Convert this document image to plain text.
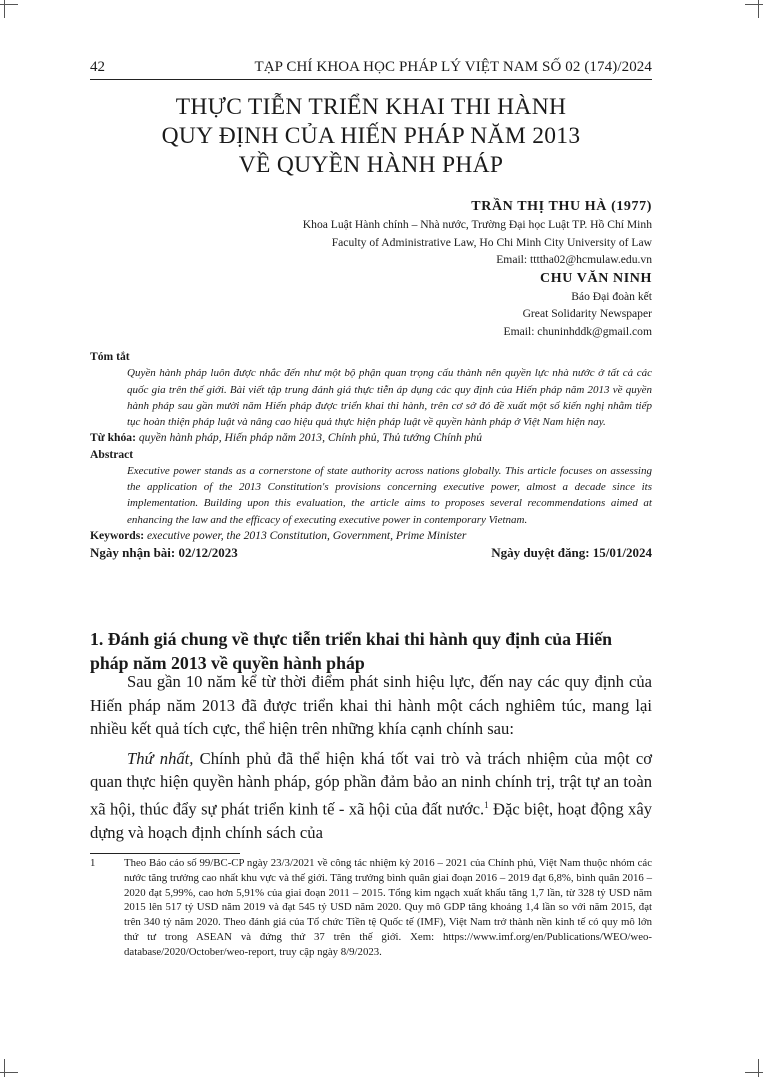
42	TẠP CHÍ KHOA HỌC PHÁP LÝ VIỆT NAM SỐ 02 (174)/2024
THỰC TIỄN TRIỂN KHAI THI HÀNH
QUY ĐỊNH CỦA HIẾN PHÁP NĂM 2013
VỀ QUYỀN HÀNH PHÁP
TRẦN THỊ THU HÀ (1977)
Khoa Luật Hành chính – Nhà nước, Trường Đại học Luật TP. Hồ Chí Minh
Faculty of Administrative Law, Ho Chi Minh City University of Law
Email: ttttha02@hcmulaw.edu.vn
CHU VĂN NINH
Báo Đại đoàn kết
Great Solidarity Newspaper
Email: chuninhddk@gmail.com
Tóm tắt
Quyền hành pháp luôn được nhắc đến như một bộ phận quan trọng cấu thành nên quyền lực nhà nước ở tất cả các quốc gia trên thế giới. Bài viết tập trung đánh giá thực tiễn áp dụng các quy định của Hiến pháp năm 2013 về quyền hành pháp sau gần mười năm Hiến pháp được triển khai thi hành, trên cơ sở đó đề xuất một số kiến nghị nhằm tiếp tục hoàn thiện pháp luật và nâng cao hiệu quả thực hiện pháp luật về quyền hành pháp ở Việt Nam hiện nay.
Từ khóa: quyền hành pháp, Hiến pháp năm 2013, Chính phủ, Thủ tướng Chính phủ
Abstract
Executive power stands as a cornerstone of state authority across nations globally. This article focuses on assessing the application of the 2013 Constitution's provisions concerning executive power, almost a decade since its implementation. Building upon this evaluation, the article aims to proposes several recommendations aimed at enhancing the law and the efficacy of executing executive power in contemporary Vietnam.
Keywords: executive power, the 2013 Constitution, Government, Prime Minister
Ngày nhận bài: 02/12/2023	Ngày duyệt đăng: 15/01/2024
1. Đánh giá chung về thực tiễn triển khai thi hành quy định của Hiến pháp năm 2013 về quyền hành pháp

Sau gần 10 năm kể từ thời điểm phát sinh hiệu lực, đến nay các quy định của Hiến pháp năm 2013 đã được triển khai thi hành một cách nghiêm túc, mang lại nhiều kết quả tích cực, thể hiện trên những khía cạnh chính sau:

Thứ nhất, Chính phủ đã thể hiện khá tốt vai trò và trách nhiệm của một cơ quan thực hiện quyền hành pháp, góp phần đảm bảo an ninh chính trị, trật tự an toàn xã hội, thúc đẩy sự phát triển kinh tế - xã hội của đất nước.$^1$ Đặc biệt, hoạt động xây dựng và hoạch định chính sách của

1	Theo Báo cáo số 99/BC-CP ngày 23/3/2021 về công tác nhiệm kỳ 2016 – 2021 của Chính phủ, Việt Nam thuộc nhóm các nước tăng trưởng cao nhất khu vực và thế giới. Tăng trưởng bình quân giai đoạn 2016 – 2019 đạt 6,8%, bình quân 2016 – 2020 đạt 5,99%, cao hơn 5,91% của giai đoạn 2011 – 2015. Tổng kim ngạch xuất khẩu tăng 1,7 lần, từ 328 tỷ USD năm 2015 lên 517 tỷ USD năm 2019 và đạt 545 tỷ USD năm 2020. Quy mô GDP tăng khoảng 1,4 lần so với năm 2015, đạt trên 340 tỷ năm 2020. Theo đánh giá của Tổ chức Tiền tệ Quốc tế (IMF), Việt Nam trở thành nền kinh tế có quy mô lớn thứ tư trong ASEAN và đứng thứ 37 trên thế giới. Xem: https://www.imf.org/en/Publications/WEO/weo-database/2020/October/weo-report, truy cập ngày 8/9/2023.
